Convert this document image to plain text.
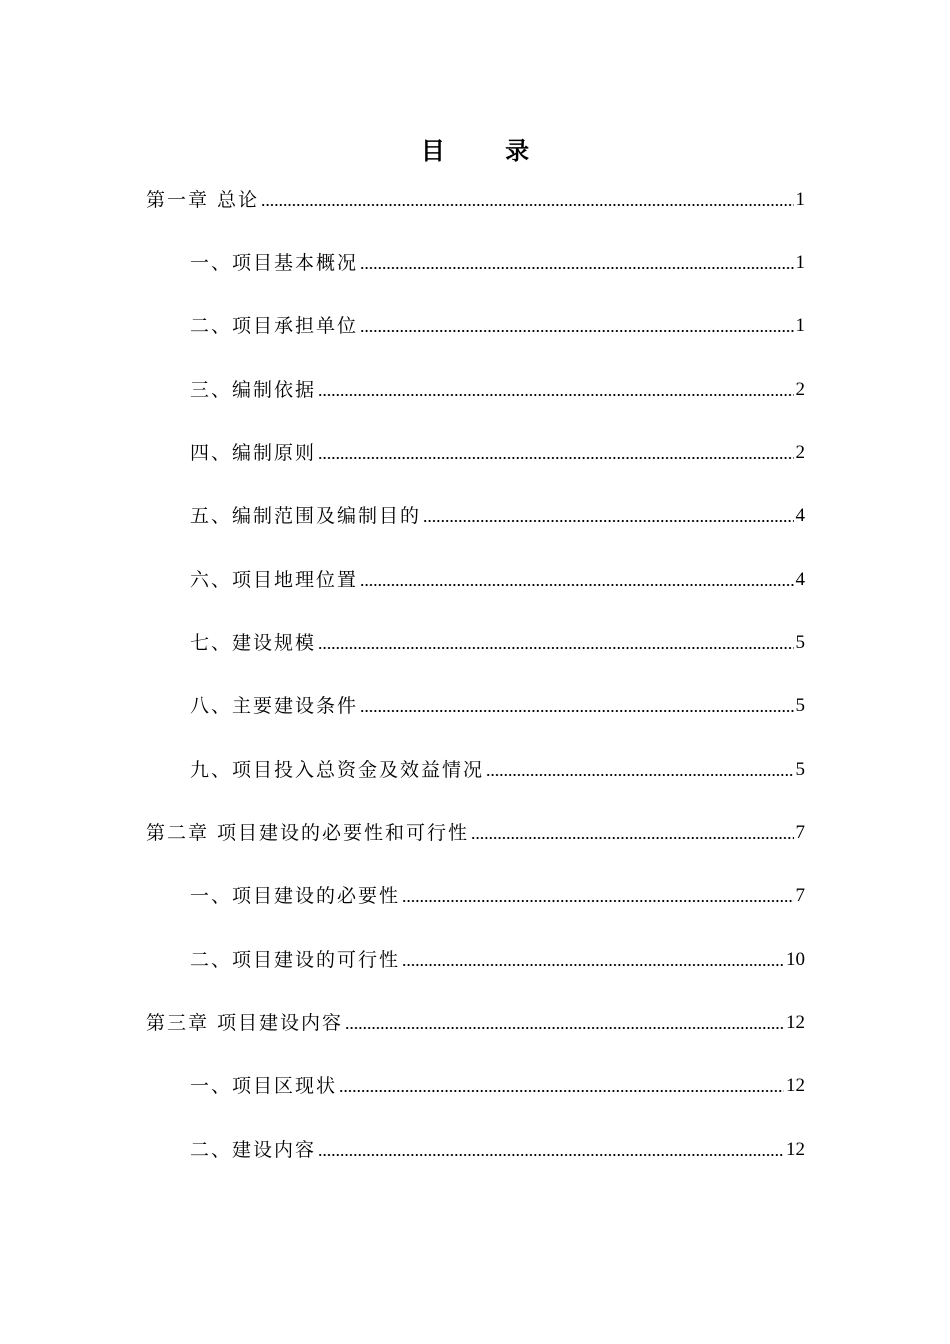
目 录
第一章 总论	1
一、项目基本概况	1
二、项目承担单位	1
三、编制依据	2
四、编制原则	2
五、编制范围及编制目的	4
六、项目地理位置	4
七、建设规模	5
八、主要建设条件	5
九、项目投入总资金及效益情况	5
第二章 项目建设的必要性和可行性	7
一、项目建设的必要性	7
二、项目建设的可行性	10
第三章 项目建设内容	12
一、项目区现状	12
二、建设内容	12
